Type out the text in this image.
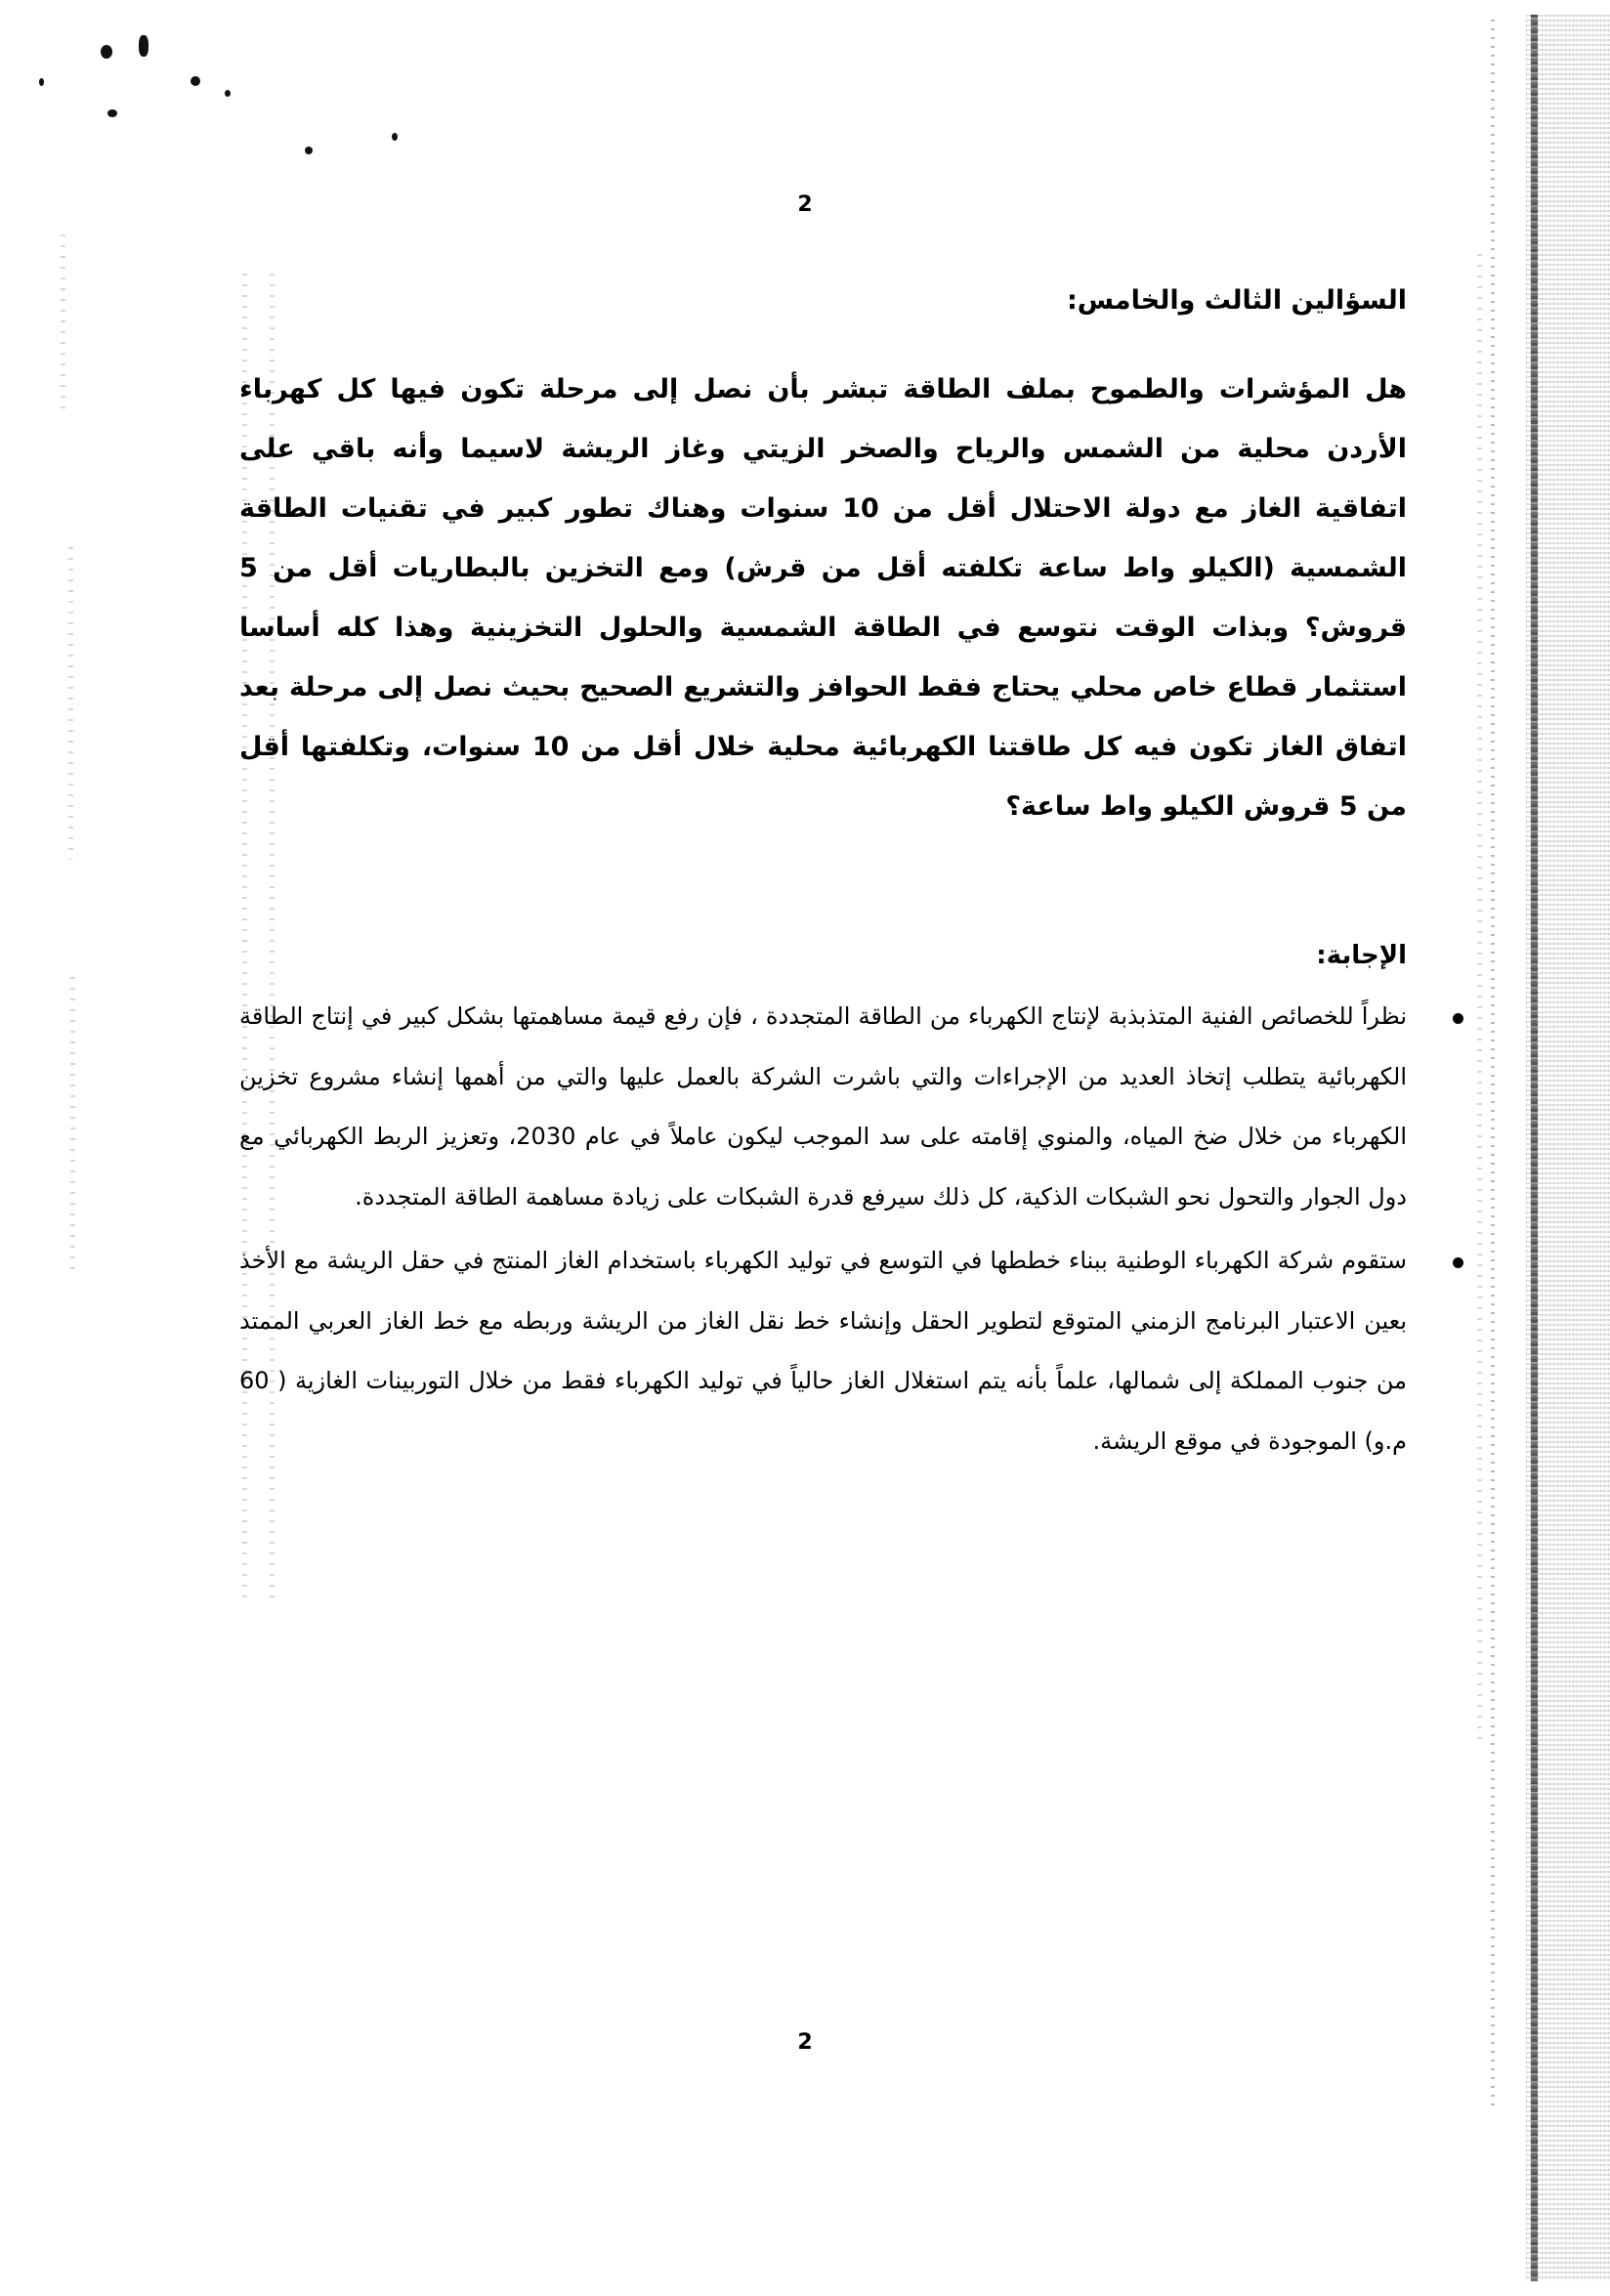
2
السؤالين الثالث والخامس:
هل المؤشرات والطموح بملف الطاقة تبشر بأن نصل إلى مرحلة تكون فيها كل كهرباء الأردن محلية من الشمس والرياح والصخر الزيتي وغاز الريشة لاسيما وأنه باقي على اتفاقية الغاز مع دولة الاحتلال أقل من 10 سنوات وهناك تطور كبير في تقنيات الطاقة الشمسية (الكيلو واط ساعة تكلفته أقل من قرش) ومع التخزين بالبطاريات أقل من 5 قروش؟ وبذات الوقت نتوسع في الطاقة الشمسية والحلول التخزينية وهذا كله أساسا استثمار قطاع خاص محلي يحتاج فقط الحوافز والتشريع الصحيح بحيث نصل إلى مرحلة بعد اتفاق الغاز تكون فيه كل طاقتنا الكهربائية محلية خلال أقل من 10 سنوات، وتكلفتها أقل من 5 قروش الكيلو واط ساعة؟
الإجابة:
نظراً للخصائص الفنية المتذبذبة لإنتاج الكهرباء من الطاقة المتجددة ، فإن رفع قيمة مساهمتها بشكل كبير في إنتاج الطاقة الكهربائية يتطلب إتخاذ العديد من الإجراءات والتي باشرت الشركة بالعمل عليها والتي من أهمها إنشاء مشروع تخزين الكهرباء من خلال ضخ المياه، والمنوي إقامته على سد الموجب ليكون عاملاً في عام 2030، وتعزيز الربط الكهربائي مع دول الجوار والتحول نحو الشبكات الذكية، كل ذلك سيرفع قدرة الشبكات على زيادة مساهمة الطاقة المتجددة.
ستقوم شركة الكهرباء الوطنية ببناء خططها في التوسع في توليد الكهرباء باستخدام الغاز المنتج في حقل الريشة مع الأخذ بعين الاعتبار البرنامج الزمني المتوقع لتطوير الحقل وإنشاء خط نقل الغاز من الريشة وربطه مع خط الغاز العربي الممتد من جنوب المملكة إلى شمالها، علماً بأنه يتم استغلال الغاز حالياً في توليد الكهرباء فقط من خلال التوربينات الغازية ( 60 م.و) الموجودة في موقع الريشة.
2
